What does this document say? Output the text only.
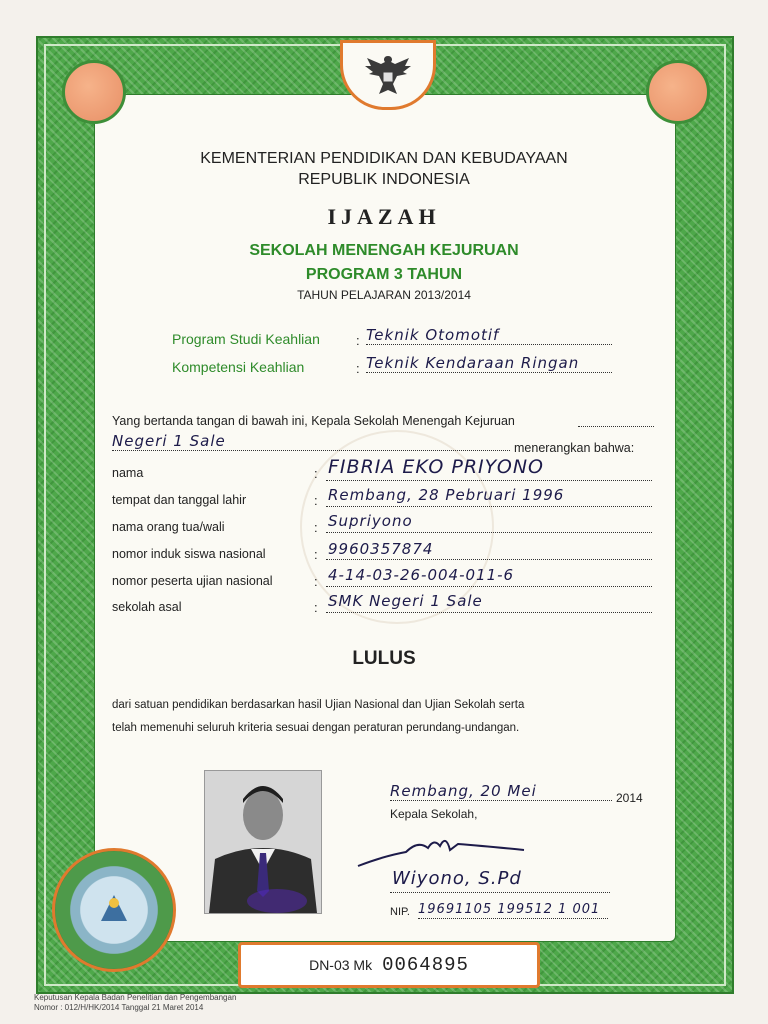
KEMENTERIAN PENDIDIKAN DAN KEBUDAYAAN
REPUBLIK INDONESIA
IJAZAH
SEKOLAH MENENGAH KEJURUAN
PROGRAM 3 TAHUN
TAHUN PELAJARAN 2013/2014
Program Studi Keahlian	: Teknik Otomotif
Kompetensi Keahlian	: Teknik Kendaraan Ringan
Yang bertanda tangan di bawah ini, Kepala Sekolah Menengah Kejuruan
Negeri 1 Sale	menerangkan bahwa:
nama	: FIBRIA EKO PRIYONO
tempat dan tanggal lahir	: Rembang, 28 Pebruari 1996
nama orang tua/wali	: Supriyono
nomor induk siswa nasional	: 9960357874
nomor peserta ujian nasional	: 4-14-03-26-004-011-6
sekolah asal	: SMK Negeri 1 Sale
LULUS
dari satuan pendidikan berdasarkan hasil Ujian Nasional dan Ujian Sekolah serta
telah memenuhi seluruh kriteria sesuai dengan peraturan perundang-undangan.
Rembang, 20 Mei	2014
Kepala Sekolah,
Wiyono, S.Pd
NIP. 19691105 199512 1 001
DN-03 Mk 0064895
Keputusan Kepala Badan Penelitian dan Pengembangan
Nomor : 012/H/HK/2014 Tanggal 21 Maret 2014
